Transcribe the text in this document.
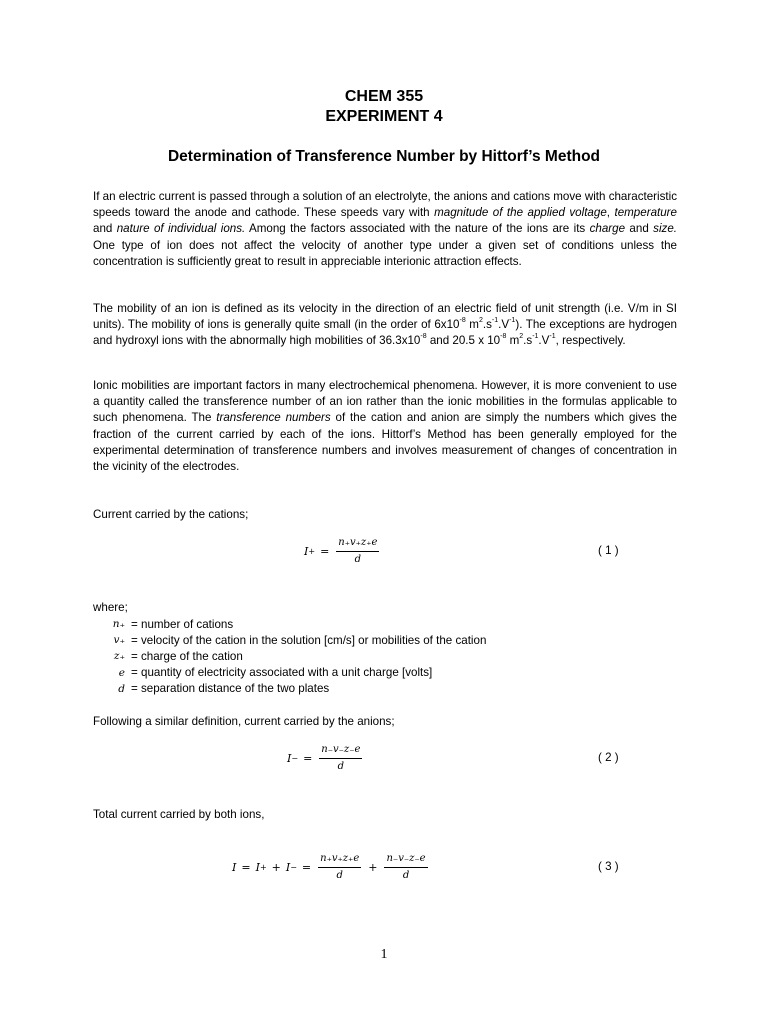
CHEM 355
EXPERIMENT 4
Determination of Transference Number by Hittorf’s Method

If an electric current is passed through a solution of an electrolyte, the anions and cations move with characteristic speeds toward the anode and cathode. These speeds vary with magnitude of the applied voltage, temperature and nature of individual ions. Among the factors associated with the nature of the ions are its charge and size. One type of ion does not affect the velocity of another type under a given set of conditions unless the concentration is sufficiently great to result in appreciable interionic attraction effects.

The mobility of an ion is defined as its velocity in the direction of an electric field of unit strength (i.e. V/m in SI units). The mobility of ions is generally quite small (in the order of $6x10^{-8}$ $m^2.s^{-1}.V^{-1}$). The exceptions are hydrogen and hydroxyl ions with the abnormally high mobilities of $36.3x10^{-8}$ and 20.5 x $10^{-8}$ $m^2.s^{-1}.V^{-1}$, respectively.

Ionic mobilities are important factors in many electrochemical phenomena. However, it is more convenient to use a quantity called the transference number of an ion rather than the ionic mobilities in the formulas applicable to such phenomena. The transference numbers of the cation and anion are simply the numbers which gives the fraction of the current carried by each of the ions. Hittorf’s Method has been generally employed for the experimental determination of transference numbers and involves measurement of changes of concentration in the vicinity of the electrodes.

Current carried by the cations;
I + = $\frac{n_+v_+z_+e}{d}$	( 1 )
where;
n₊ = number of cations
v₊ = velocity of the cation in the solution [cm/s] or mobilities of the cation
z₊ = charge of the cation
e = quantity of electricity associated with a unit charge [volts]
d = separation distance of the two plates
Following a similar definition, current carried by the anions;
I − = $\frac{n_-v_-z_-e}{d}$	( 2 )
Total current carried by both ions,
I = I + + I − = $\frac{n_+v_+z_+e}{d} + \frac{n_-v_-z_-e}{d}$	( 3 )
1
